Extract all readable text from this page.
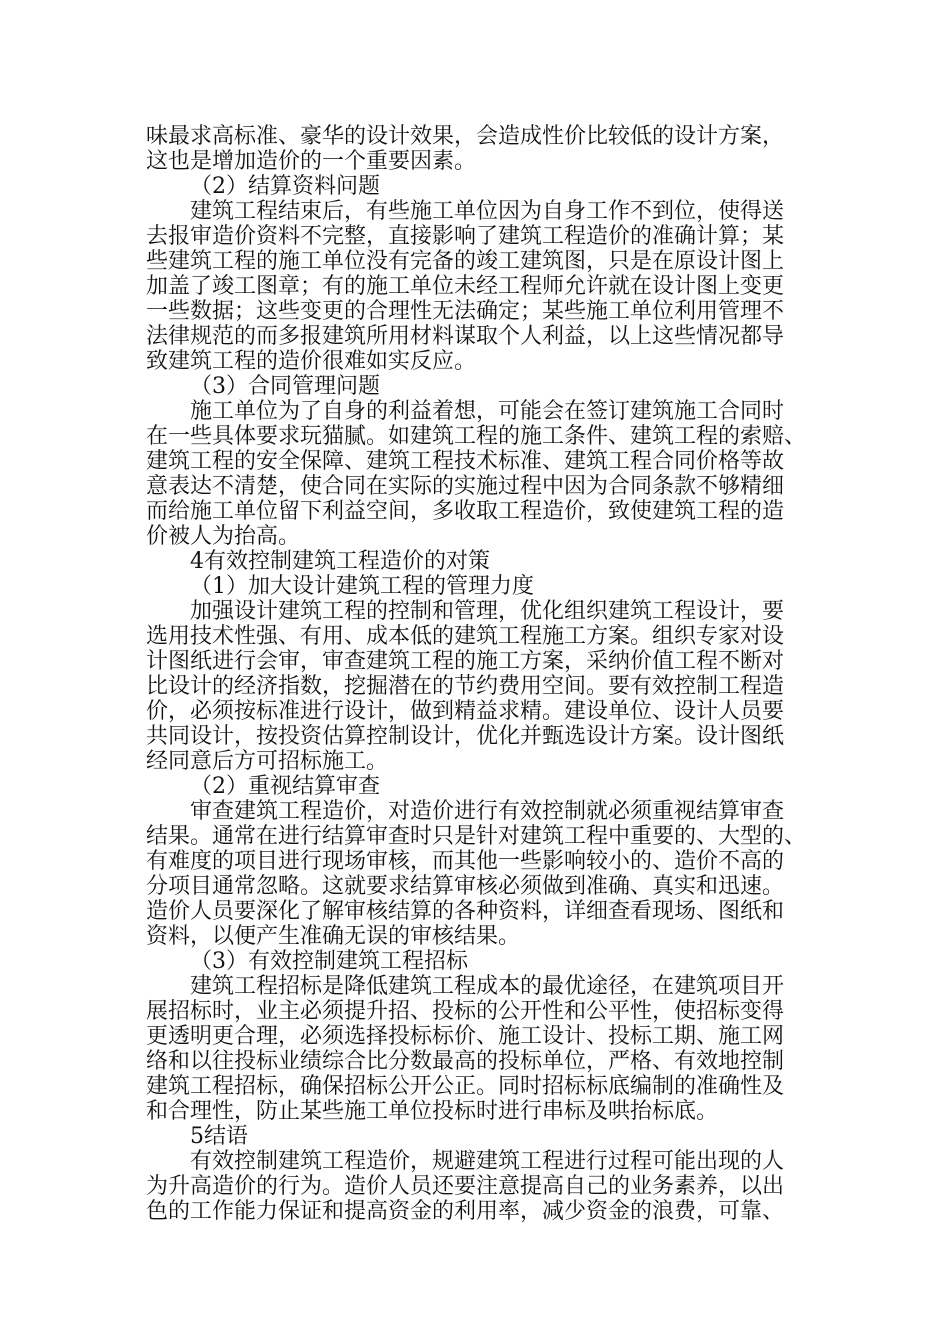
味最求高标准、豪华的设计效果，会造成性价比较低的设计方案，
这也是增加造价的一个重要因素。
（2）结算资料问题
建筑工程结束后，有些施工单位因为自身工作不到位，使得送
去报审造价资料不完整，直接影响了建筑工程造价的准确计算；某
些建筑工程的施工单位没有完备的竣工建筑图，只是在原设计图上
加盖了竣工图章；有的施工单位未经工程师允许就在设计图上变更
一些数据；这些变更的合理性无法确定；某些施工单位利用管理不
法律规范的而多报建筑所用材料谋取个人利益，以上这些情况都导
致建筑工程的造价很难如实反应。
（3）合同管理问题
施工单位为了自身的利益着想，可能会在签订建筑施工合同时
在一些具体要求玩猫腻。如建筑工程的施工条件、建筑工程的索赔、
建筑工程的安全保障、建筑工程技术标准、建筑工程合同价格等故
意表达不清楚，使合同在实际的实施过程中因为合同条款不够精细
而给施工单位留下利益空间，多收取工程造价，致使建筑工程的造
价被人为抬高。
4有效控制建筑工程造价的对策
（1）加大设计建筑工程的管理力度
加强设计建筑工程的控制和管理，优化组织建筑工程设计，要
选用技术性强、有用、成本低的建筑工程施工方案。组织专家对设
计图纸进行会审，审查建筑工程的施工方案，采纳价值工程不断对
比设计的经济指数，挖掘潜在的节约费用空间。要有效控制工程造
价，必须按标准进行设计，做到精益求精。建设单位、设计人员要
共同设计，按投资估算控制设计，优化并甄选设计方案。设计图纸
经同意后方可招标施工。
（2）重视结算审查
审查建筑工程造价，对造价进行有效控制就必须重视结算审查
结果。通常在进行结算审查时只是针对建筑工程中重要的、大型的、
有难度的项目进行现场审核，而其他一些影响较小的、造价不高的
分项目通常忽略。这就要求结算审核必须做到准确、真实和迅速。
造价人员要深化了解审核结算的各种资料，详细查看现场、图纸和
资料，以便产生准确无误的审核结果。
（3）有效控制建筑工程招标
建筑工程招标是降低建筑工程成本的最优途径，在建筑项目开
展招标时，业主必须提升招、投标的公开性和公平性，使招标变得
更透明更合理，必须选择投标标价、施工设计、投标工期、施工网
络和以往投标业绩综合比分数最高的投标单位，严格、有效地控制
建筑工程招标，确保招标公开公正。同时招标标底编制的准确性及
和合理性，防止某些施工单位投标时进行串标及哄抬标底。
5结语
有效控制建筑工程造价，规避建筑工程进行过程可能出现的人
为升高造价的行为。造价人员还要注意提高自己的业务素养，以出
色的工作能力保证和提高资金的利用率，减少资金的浪费，可靠、
